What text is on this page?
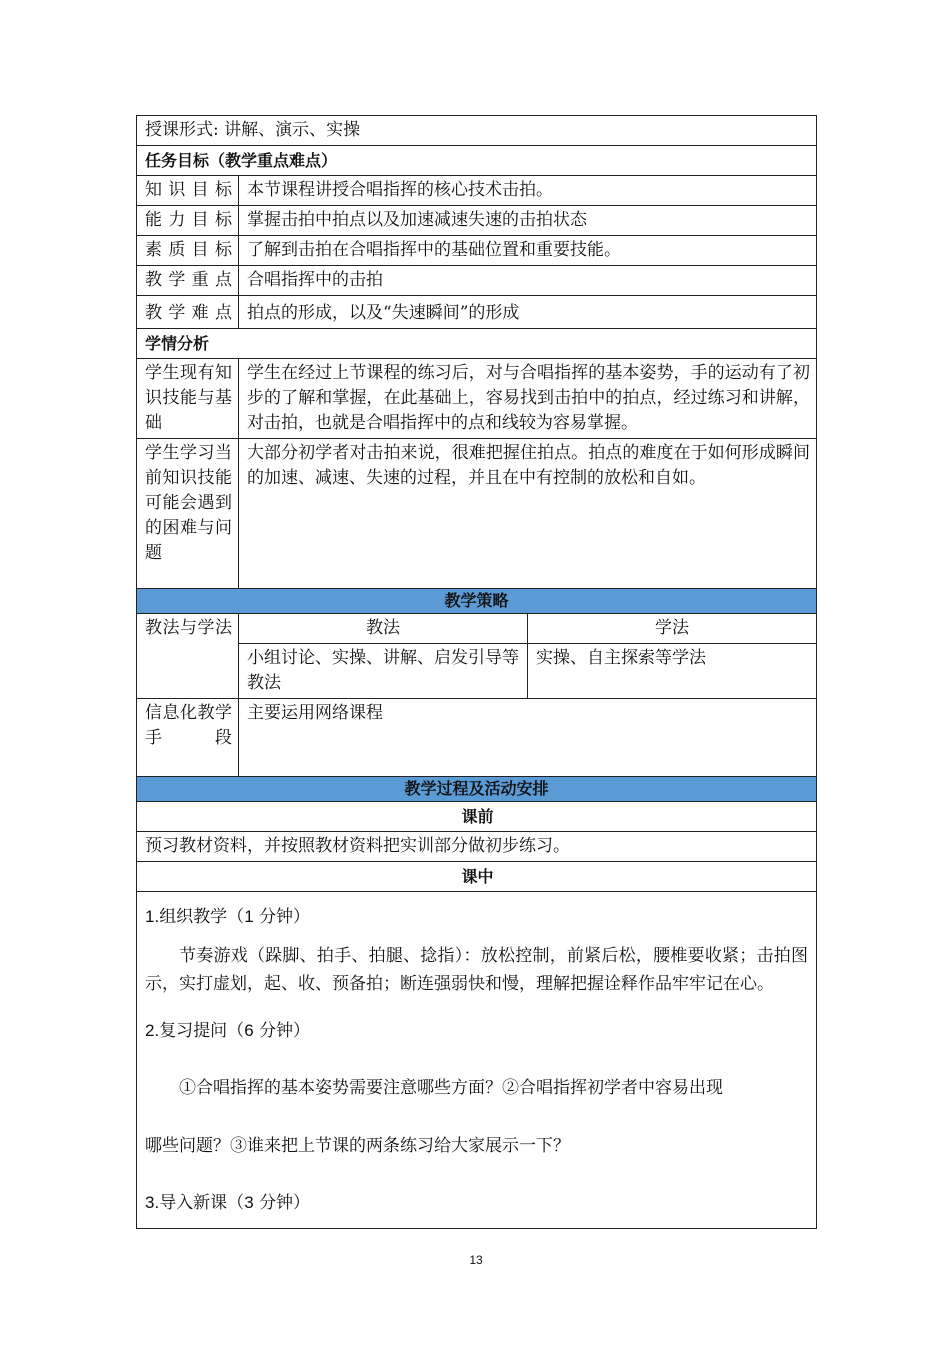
授课形式: 讲解、演示、实操
任务目标（教学重点难点）
知识目标 本节课程讲授合唱指挥的核心技术击拍。
能力目标 掌握击拍中拍点以及加速减速失速的击拍状态
素质目标 了解到击拍在合唱指挥中的基础位置和重要技能。
教学重点 合唱指挥中的击拍
教学难点 拍点的形成，以及“失速瞬间”的形成
学情分析
学生现有知识技能与基础
学生在经过上节课程的练习后，对与合唱指挥的基本姿势，手的运动有了初步的了解和掌握，在此基础上，容易找到击拍中的拍点，经过练习和讲解，对击拍，也就是合唱指挥中的点和线较为容易掌握。
学生学习当前知识技能可能会遇到的困难与问题
大部分初学者对击拍来说，很难把握住拍点。拍点的难度在于如何形成瞬间的加速、减速、失速的过程，并且在中有控制的放松和自如。
教学策略
教法与学法	教法	学法
小组讨论、实操、讲解、启发引导等教法
实操、自主探索等学法
信息化教学手段
主要运用网络课程
教学过程及活动安排
课前
预习教材资料，并按照教材资料把实训部分做初步练习。
课中

1.组织教学（1 分钟）

节奏游戏（跺脚、拍手、拍腿、捻指）：放松控制，前紧后松，腰椎要收紧；击拍图示，实打虚划，起、收、预备拍；断连强弱快和慢，理解把握诠释作品牢牢记在心。

2.复习提问（6 分钟）

①合唱指挥的基本姿势需要注意哪些方面？②合唱指挥初学者中容易出现

哪些问题？③谁来把上节课的两条练习给大家展示一下？

3.导入新课（3 分钟）

13
